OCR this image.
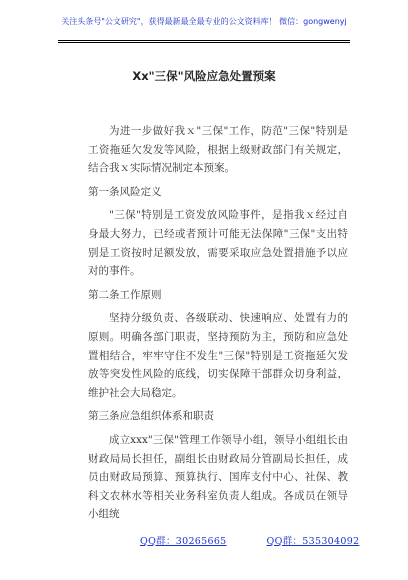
关注头条号"公文研究"，获得最新最全最专业的公文资料库！ 微信：gongwenyj
Xx"三保"风险应急处置预案

为进一步做好我ｘ"三保"工作，防范"三保"特别是工资拖延欠发发等风险，根据上级财政部门有关规定，结合我ｘ实际情况制定本预案。

第一条风险定义

"三保"特别是工资发放风险事件，是指我ｘ经过自身最大努力，已经或者预计可能无法保障"三保"支出特别是工资按时足额发放，需要采取应急处置措施予以应对的事件。

第二条工作原则

坚持分级负责、各级联动、快速响应、处置有力的原则。明确各部门职责，坚持预防为主，预防和应急处置相结合，牢牢守住不发生"三保"特别是工资拖延欠发放等突发性风险的底线，切实保障干部群众切身利益，维护社会大局稳定。

第三条应急组织体系和职责

成立xxx"三保"管理工作领导小组，领导小组组长由财政局局长担任，副组长由财政局分管副局长担任，成员由财政局预算、预算执行、国库支付中心、社保、教科文农林水等相关业务科室负责人组成。各成员在领导小组统

QQ群：30265665	QQ群：535304092
